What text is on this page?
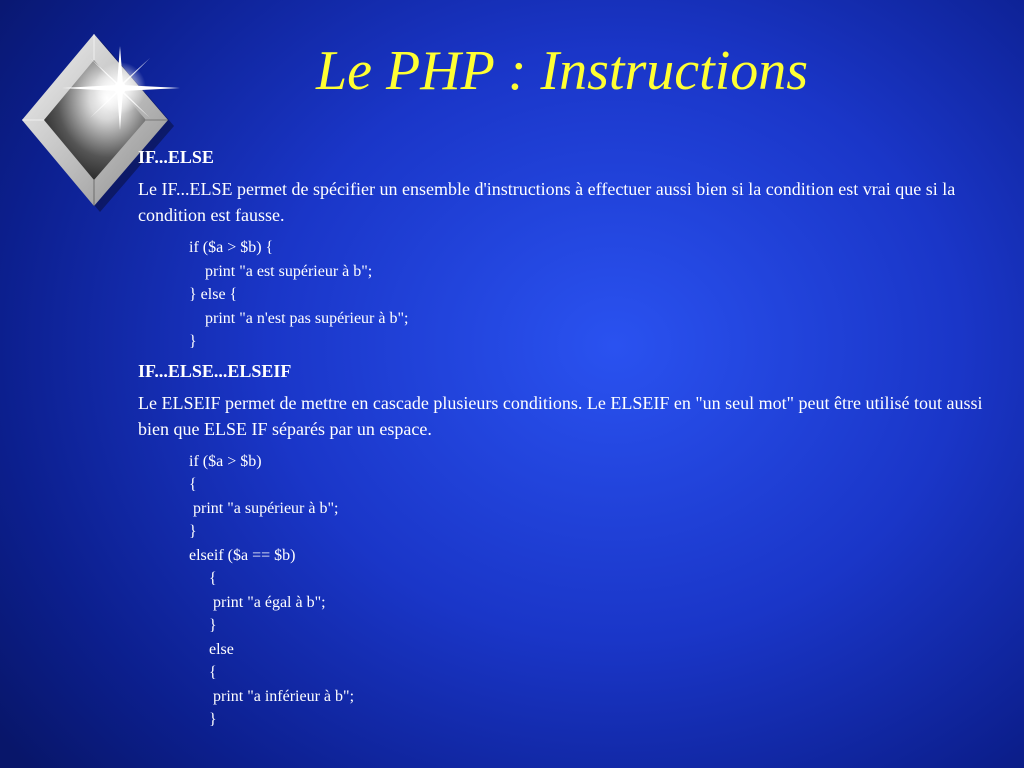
Le PHP : Instructions

IF...ELSE

Le IF...ELSE permet de spécifier un ensemble d'instructions à effectuer aussi bien si la condition est vrai que si la condition est fausse.

if ($a > $b) {
print "a est supérieur à b";
} else {
print "a n'est pas supérieur à b";
}

IF...ELSE...ELSEIF

Le ELSEIF permet de mettre en cascade plusieurs conditions. Le ELSEIF en "un seul mot" peut être utilisé tout aussi bien que ELSE IF séparés par un espace.

if ($a > $b)
{
print "a supérieur à b";
}
elseif ($a == $b)
{
print "a égal à b";
}
else
{
print "a inférieur à b";
}
